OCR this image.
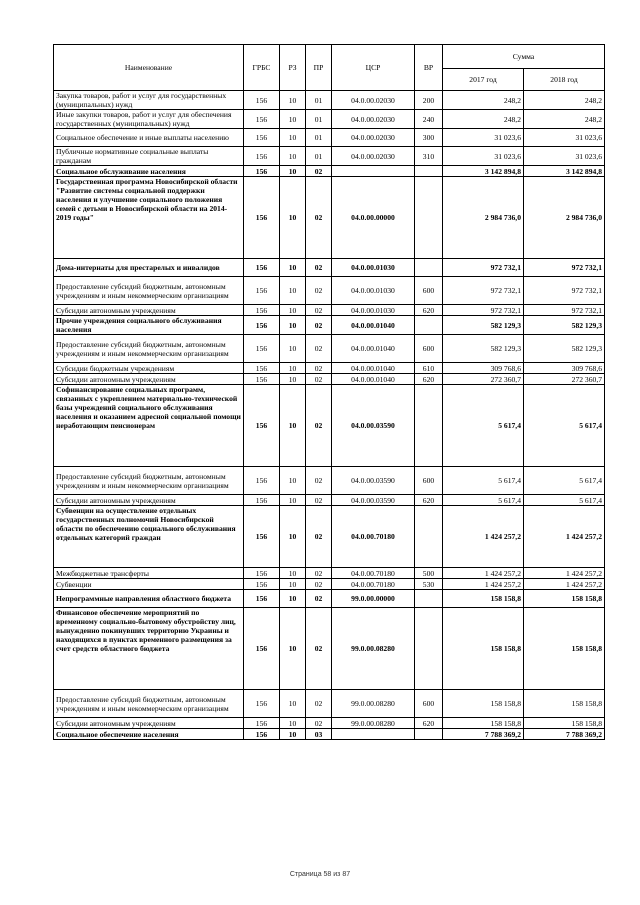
Наименование	ГРБС	РЗ	ПР	ЦСР	ВР	Сумма	
						2017 год	2018 год
Закупка товаров, работ и услуг для государственных (муниципальных) нужд	156	10	01	04.0.00.02030	200	248,2	248,2
Иные закупки товаров, работ и услуг для обеспечения государственных (муниципальных) нужд	156	10	01	04.0.00.02030	240	248,2	248,2
Социальное обеспечение и иные выплаты населению	156	10	01	04.0.00.02030	300	31 023,6	31 023,6
Публичные нормативные социальные выплаты гражданам	156	10	01	04.0.00.02030	310	31 023,6	31 023,6
Социальное обслуживание населения	156	10	02			3 142 894,8	3 142 894,8
Государственная программа Новосибирской области "Развитие системы социальной поддержки населения и улучшение социального положения семей с детьми в Новосибирской области на 2014-2019 годы"	156	10	02	04.0.00.00000		2 984 736,0	2 984 736,0
Дома-интернаты для престарелых и инвалидов	156	10	02	04.0.00.01030		972 732,1	972 732,1
Предоставление субсидий бюджетным, автономным учреждениям и иным некоммерческим организациям	156	10	02	04.0.00.01030	600	972 732,1	972 732,1
Субсидии автономным учреждениям	156	10	02	04.0.00.01030	620	972 732,1	972 732,1
Прочие учреждения социального обслуживания населения	156	10	02	04.0.00.01040		582 129,3	582 129,3
Предоставление субсидий бюджетным, автономным учреждениям и иным некоммерческим организациям	156	10	02	04.0.00.01040	600	582 129,3	582 129,3
Субсидии бюджетным учреждениям	156	10	02	04.0.00.01040	610	309 768,6	309 768,6
Субсидии автономным учреждениям	156	10	02	04.0.00.01040	620	272 360,7	272 360,7
Софинансирование социальных программ, связанных с укреплением материально-технической базы учреждений социального обслуживания населения и оказанием адресной социальной помощи неработающим пенсионерам	156	10	02	04.0.00.03590		5 617,4	5 617,4
Предоставление субсидий бюджетным, автономным учреждениям и иным некоммерческим организациям	156	10	02	04.0.00.03590	600	5 617,4	5 617,4
Субсидии автономным учреждениям	156	10	02	04.0.00.03590	620	5 617,4	5 617,4
Субвенции на осуществление отдельных государственных полномочий Новосибирской области по обеспечению социального обслуживания отдельных категорий граждан	156	10	02	04.0.00.70180		1 424 257,2	1 424 257,2
Межбюджетные трансферты	156	10	02	04.0.00.70180	500	1 424 257,2	1 424 257,2
Субвенции	156	10	02	04.0.00.70180	530	1 424 257,2	1 424 257,2
Непрограммные направления областного бюджета	156	10	02	99.0.00.00000		158 158,8	158 158,8
Финансовое обеспечение мероприятий по временному социально-бытовому обустройству лиц, вынужденно покинувших территорию Украины и находящихся в пунктах временного размещения за счет средств областного бюджета	156	10	02	99.0.00.08280		158 158,8	158 158,8
Предоставление субсидий бюджетным, автономным учреждениям и иным некоммерческим организациям	156	10	02	99.0.00.08280	600	158 158,8	158 158,8
Субсидии автономным учреждениям	156	10	02	99.0.00.08280	620	158 158,8	158 158,8
Социальное обеспечение населения	156	10	03			7 788 369,2	7 788 369,2
Страница 58 из 87
